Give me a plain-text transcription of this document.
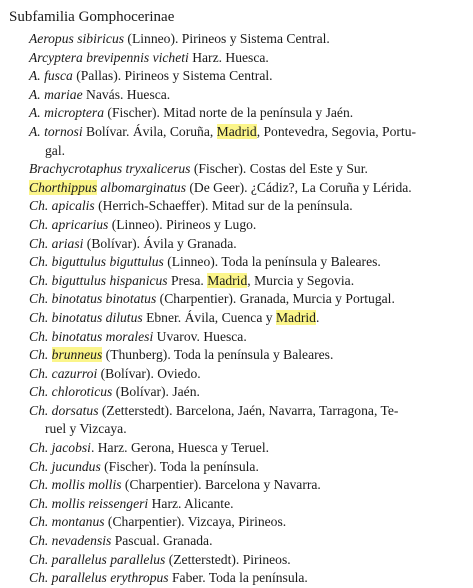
Subfamilia Gomphocerinae
Aeropus sibiricus (Linneo). Pirineos y Sistema Central.
Arcyptera brevipennis vicheti Harz. Huesca.
A. fusca (Pallas). Pirineos y Sistema Central.
A. mariae Navás. Huesca.
A. microptera (Fischer). Mitad norte de la península y Jaén.
A. tornosi Bolívar. Ávila, Coruña, Madrid, Pontevedra, Segovia, Portu-
gal.
Brachycrotaphus tryxalicerus (Fischer). Costas del Este y Sur.
Chorthippus albomarginatus (De Geer). ¿Cádiz?, La Coruña y Lérida.
Ch. apicalis (Herrich-Schaeffer). Mitad sur de la península.
Ch. apricarius (Linneo). Pirineos y Lugo.
Ch. ariasi (Bolívar). Ávila y Granada.
Ch. biguttulus biguttulus (Linneo). Toda la península y Baleares.
Ch. biguttulus hispanicus Presa. Madrid, Murcia y Segovia.
Ch. binotatus binotatus (Charpentier). Granada, Murcia y Portugal.
Ch. binotatus dilutus Ebner. Ávila, Cuenca y Madrid.
Ch. binotatus moralesi Uvarov. Huesca.
Ch. brunneus (Thunberg). Toda la península y Baleares.
Ch. cazurroi (Bolívar). Oviedo.
Ch. chloroticus (Bolívar). Jaén.
Ch. dorsatus (Zetterstedt). Barcelona, Jaén, Navarra, Tarragona, Te-
ruel y Vizcaya.
Ch. jacobsi. Harz. Gerona, Huesca y Teruel.
Ch. jucundus (Fischer). Toda la península.
Ch. mollis mollis (Charpentier). Barcelona y Navarra.
Ch. mollis reissengeri Harz. Alicante.
Ch. montanus (Charpentier). Vizcaya, Pirineos.
Ch. nevadensis Pascual. Granada.
Ch. parallelus parallelus (Zetterstedt). Pirineos.
Ch. parallelus erythropus Faber. Toda la península.
